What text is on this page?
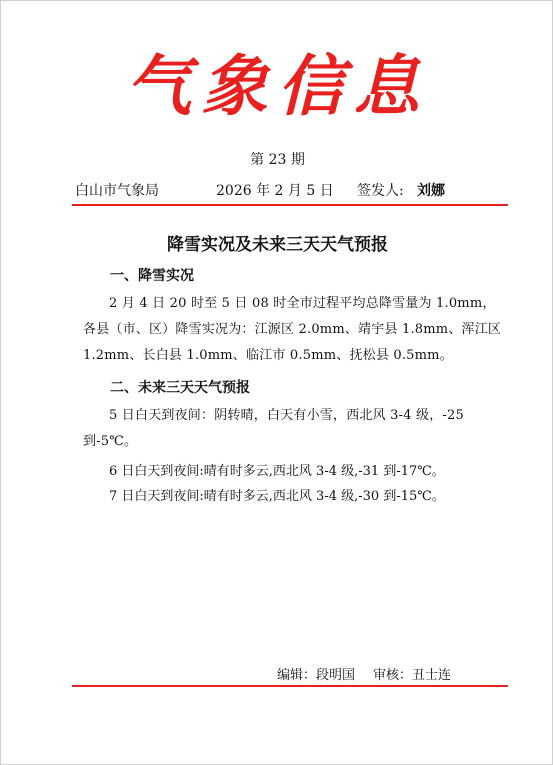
气象信息
第 23 期
白山市气象局	2026 年 2 月 5 日 签发人: 刘娜
降雪实况及未来三天天气预报
一、降雪实况
2 月 4 日 20 时至 5 日 08 时全市过程平均总降雪量为 1.0mm，各县（市、区）降雪实况为：江源区 2.0mm、靖宇县 1.8mm、浑江区 1.2mm、长白县 1.0mm、临江市 0.5mm、抚松县 0.5mm。
二、未来三天天气预报
5 日白天到夜间：阴转晴，白天有小雪，西北风 3-4 级，-25 到-5℃。
6 日白天到夜间:晴有时多云,西北风 3-4 级,-31 到-17℃。
7 日白天到夜间:晴有时多云,西北风 3-4 级,-30 到-15℃。
编辑：段明国 审核：丑士连
